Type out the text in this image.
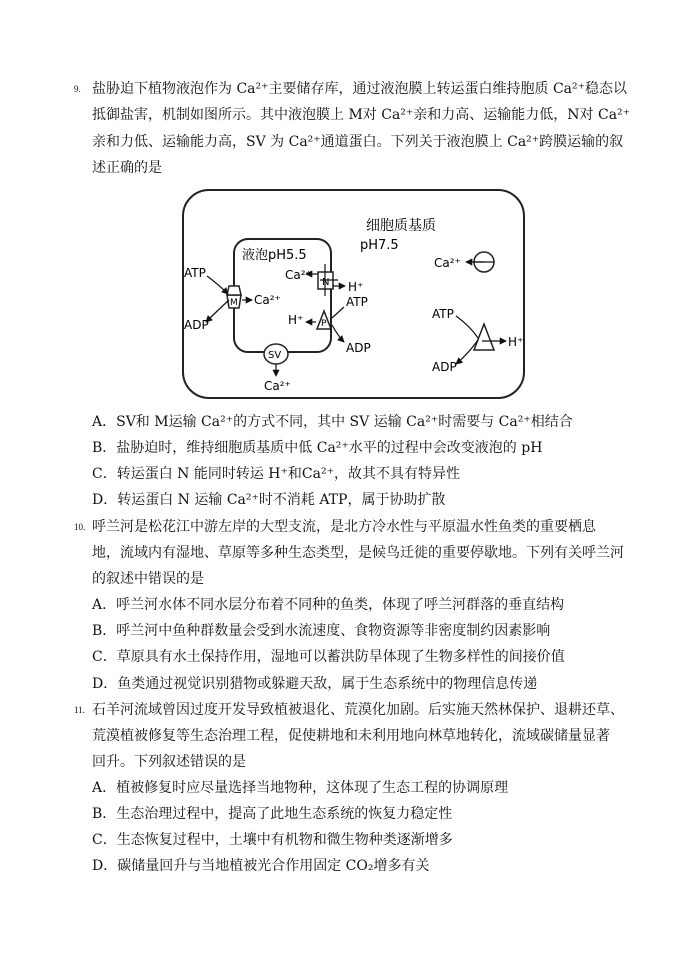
9. 盐胁迫下植物液泡作为 Ca²⁺主要储存库，通过液泡膜上转运蛋白维持胞质 Ca²⁺稳态以
抵御盐害，机制如图所示。其中液泡膜上 M对 Ca²⁺亲和力高、运输能力低，N对 Ca²⁺
亲和力低、运输能力高，SV 为 Ca²⁺通道蛋白。下列关于液泡膜上 Ca²⁺跨膜运输的叙
述正确的是
细胞质基质
pH7.5
液泡pH5.5
M
ATP
ADP
Ca²⁺
N
Ca²⁺
H⁺
P
ATP
H⁺
ADP
SV
Ca²⁺
Ca²⁺
ATP
ADP
H⁺
A．SV和 M运输 Ca²⁺的方式不同，其中 SV 运输 Ca²⁺时需要与 Ca²⁺相结合
B．盐胁迫时，维持细胞质基质中低 Ca²⁺水平的过程中会改变液泡的 pH
C．转运蛋白 N 能同时转运 H⁺和Ca²⁺，故其不具有特异性
D．转运蛋白 N 运输 Ca²⁺时不消耗 ATP，属于协助扩散
10. 呼兰河是松花江中游左岸的大型支流，是北方冷水性与平原温水性鱼类的重要栖息
地，流域内有湿地、草原等多种生态类型，是候鸟迁徙的重要停歇地。下列有关呼兰河
的叙述中错误的是
A．呼兰河水体不同水层分布着不同种的鱼类，体现了呼兰河群落的垂直结构
B．呼兰河中鱼种群数量会受到水流速度、食物资源等非密度制约因素影响
C．草原具有水土保持作用，湿地可以蓄洪防旱体现了生物多样性的间接价值
D．鱼类通过视觉识别猎物或躲避天敌，属于生态系统中的物理信息传递
11. 石羊河流域曾因过度开发导致植被退化、荒漠化加剧。后实施天然林保护、退耕还草、
荒漠植被修复等生态治理工程，促使耕地和未利用地向林草地转化，流域碳储量显著
回升。下列叙述错误的是
A．植被修复时应尽量选择当地物种，这体现了生态工程的协调原理
B．生态治理过程中，提高了此地生态系统的恢复力稳定性
C．生态恢复过程中，土壤中有机物和微生物种类逐渐增多
D．碳储量回升与当地植被光合作用固定 CO₂增多有关
